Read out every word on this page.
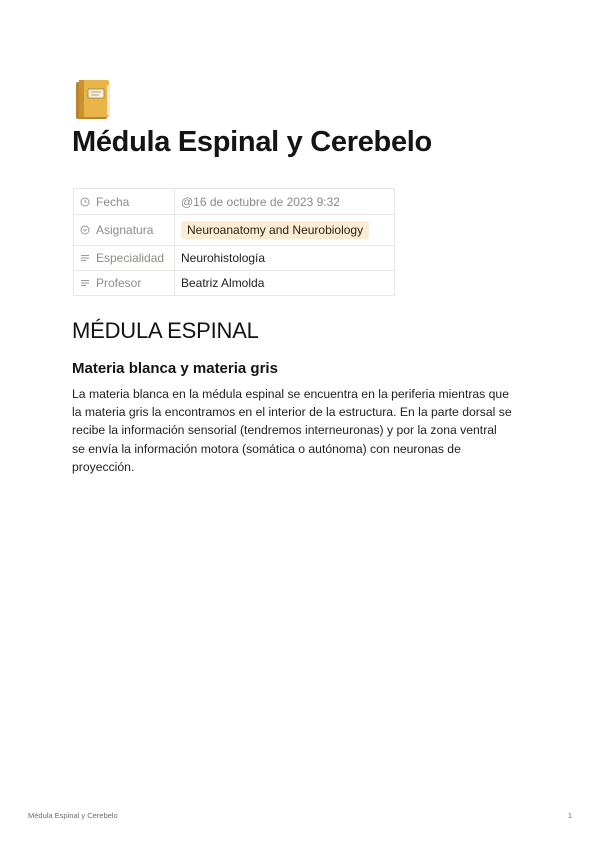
Médula Espinal y Cerebelo
Fecha	@16 de octubre de 2023 9:32
Asignatura	Neuroanatomy and Neurobiology
Especialidad	Neurohistología
Profesor	Beatriz Almolda
MÉDULA ESPINAL
Materia blanca y materia gris

La materia blanca en la médula espinal se encuentra en la periferia mientras que la materia gris la encontramos en el interior de la estructura. En la parte dorsal se recibe la información sensorial (tendremos interneuronas) y por la zona ventral se envía la información motora (somática o autónoma) con neuronas de proyección.

Médula Espinal y Cerebelo	1
